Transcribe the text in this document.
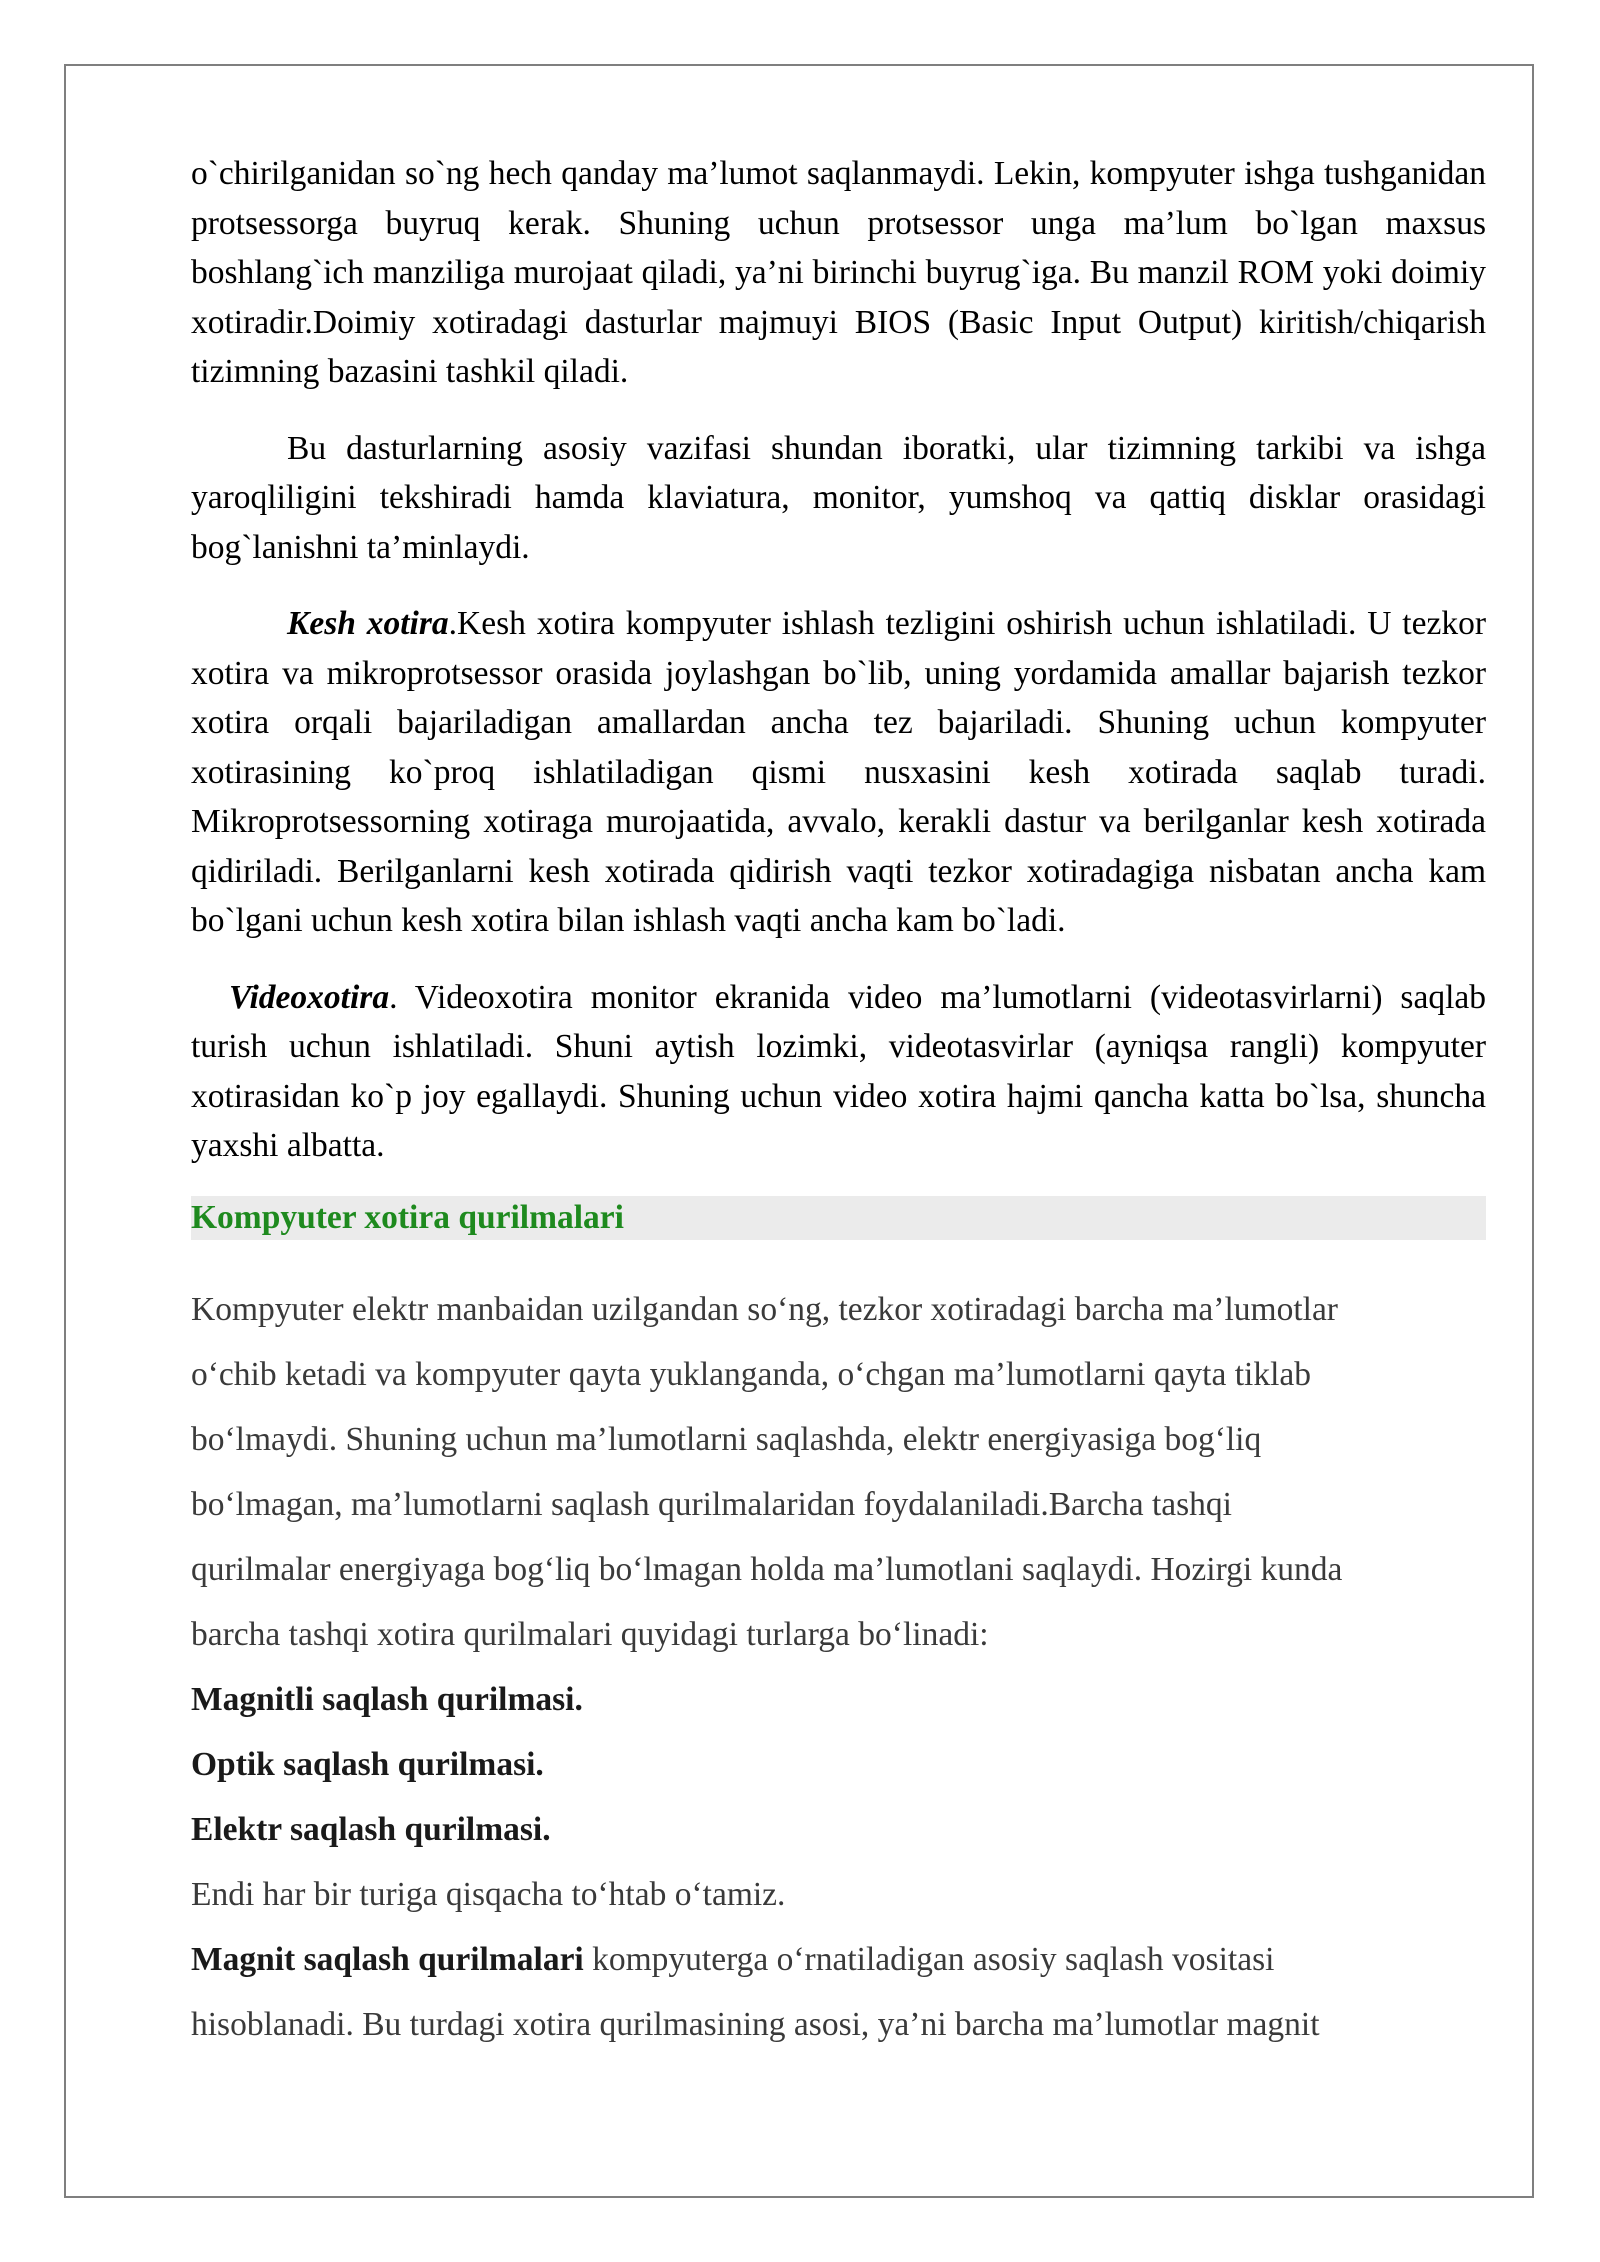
o`chirilganidan so`ng hech qanday ma’lumot saqlanmaydi. Lekin, kompyuter ishga tushganidan protsessorga buyruq kerak. Shuning uchun protsessor unga ma’lum bo`lgan maxsus boshlang`ich manziliga murojaat qiladi, ya’ni birinchi buyrug`iga. Bu manzil ROM yoki doimiy xotiradir.Doimiy xotiradagi dasturlar majmuyi BIOS (Basic Input Output) kiritish/chiqarish tizimning bazasini tashkil qiladi.

Bu dasturlarning asosiy vazifasi shundan iboratki, ular tizimning tarkibi va ishga yaroqliligini tekshiradi hamda klaviatura, monitor, yumshoq va qattiq disklar orasidagi bog`lanishni ta’minlaydi.

Kesh xotira.Kesh xotira kompyuter ishlash tezligini oshirish uchun ishlatiladi. U tezkor xotira va mikroprotsessor orasida joylashgan bo`lib, uning yordamida amallar bajarish tezkor xotira orqali bajariladigan amallardan ancha tez bajariladi. Shuning uchun kompyuter xotirasining ko`proq ishlatiladigan qismi nusxasini kesh xotirada saqlab turadi. Mikroprotsessorning xotiraga murojaatida, avvalo, kerakli dastur va berilganlar kesh xotirada qidiriladi. Berilganlarni kesh xotirada qidirish vaqti tezkor xotiradagiga nisbatan ancha kam bo`lgani uchun kesh xotira bilan ishlash vaqti ancha kam bo`ladi.

Videoxotira. Videoxotira monitor ekranida video ma’lumotlarni (videotasvirlarni) saqlab turish uchun ishlatiladi. Shuni aytish lozimki, videotasvirlar (ayniqsa rangli) kompyuter xotirasidan ko`p joy egallaydi. Shuning uchun video xotira hajmi qancha katta bo`lsa, shuncha yaxshi albatta.

Kompyuter xotira qurilmalari

Kompyuter elektr manbaidan uzilgandan so‘ng, tezkor xotiradagi barcha ma’lumotlar

o‘chib ketadi va kompyuter qayta yuklanganda, o‘chgan ma’lumotlarni qayta tiklab

bo‘lmaydi. Shuning uchun ma’lumotlarni saqlashda, elektr energiyasiga bog‘liq

bo‘lmagan, ma’lumotlarni saqlash qurilmalaridan foydalaniladi.Barcha tashqi

qurilmalar energiyaga bog‘liq bo‘lmagan holda ma’lumotlani saqlaydi. Hozirgi kunda

barcha tashqi xotira qurilmalari quyidagi turlarga bo‘linadi:

Magnitli saqlash qurilmasi.

Optik saqlash qurilmasi.

Elektr saqlash qurilmasi.

Endi har bir turiga qisqacha to‘htab o‘tamiz.

Magnit saqlash qurilmalari kompyuterga o‘rnatiladigan asosiy saqlash vositasi

hisoblanadi. Bu turdagi xotira qurilmasining asosi, ya’ni barcha ma’lumotlar magnit
